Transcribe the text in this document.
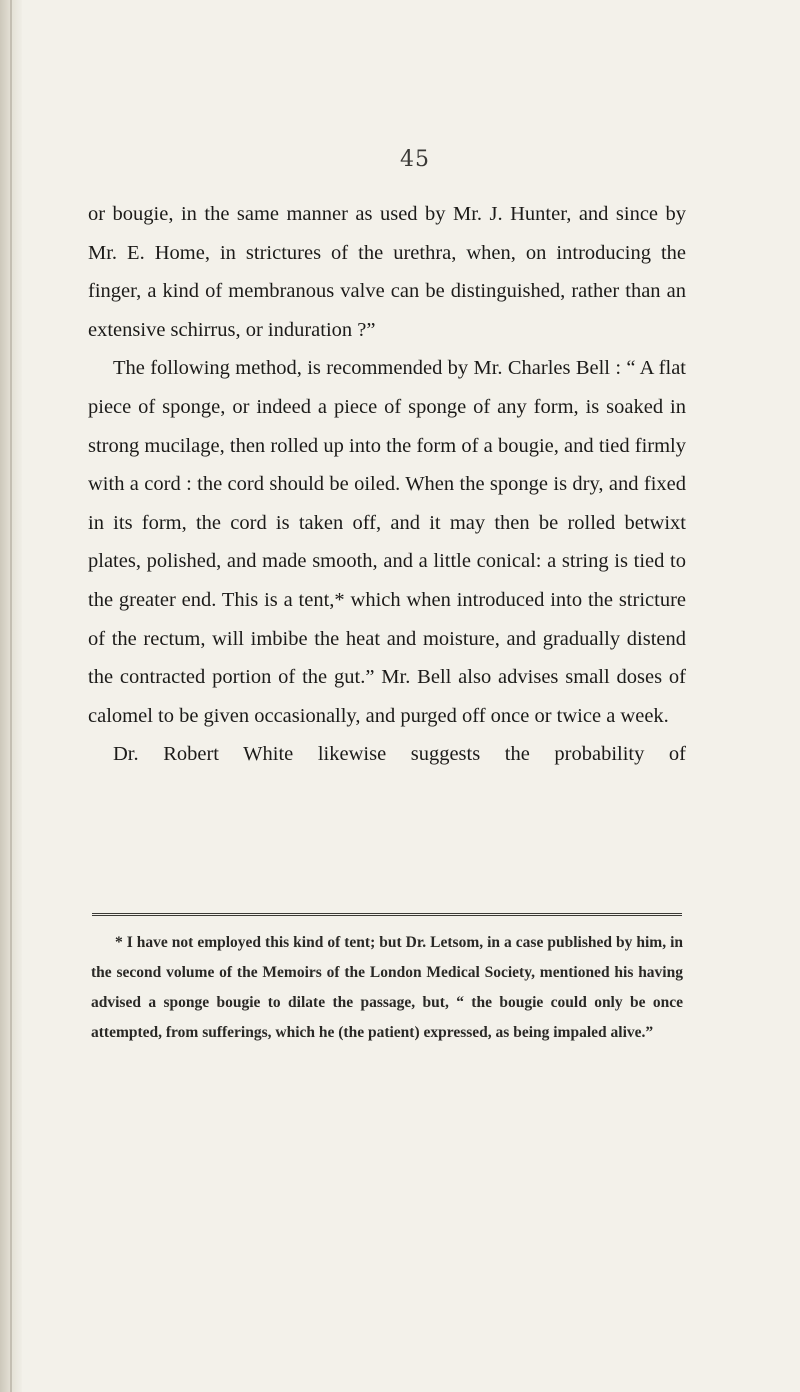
45

or bougie, in the same manner as used by Mr. J. Hunter, and since by Mr. E. Home, in strictures of the urethra, when, on introducing the finger, a kind of membranous valve can be distinguished, rather than an extensive schirrus, or induration ?”

The following method, is recommended by Mr. Charles Bell : “ A flat piece of sponge, or indeed a piece of sponge of any form, is soaked in strong mucilage, then rolled up into the form of a bougie, and tied firmly with a cord : the cord should be oiled. When the sponge is dry, and fixed in its form, the cord is taken off, and it may then be rolled betwixt plates, polished, and made smooth, and a little conical: a string is tied to the greater end. This is a tent,* which when introduced into the stricture of the rectum, will imbibe the heat and moisture, and gradually distend the contracted portion of the gut.” Mr. Bell also advises small doses of calomel to be given occasionally, and purged off once or twice a week.

Dr. Robert White likewise suggests the probability of

* I have not employed this kind of tent; but Dr. Letsom, in a case published by him, in the second volume of the Memoirs of the London Medical Society, mentioned his having advised a sponge bougie to dilate the passage, but, “ the bougie could only be once attempted, from sufferings, which he (the patient) expressed, as being impaled alive.”
